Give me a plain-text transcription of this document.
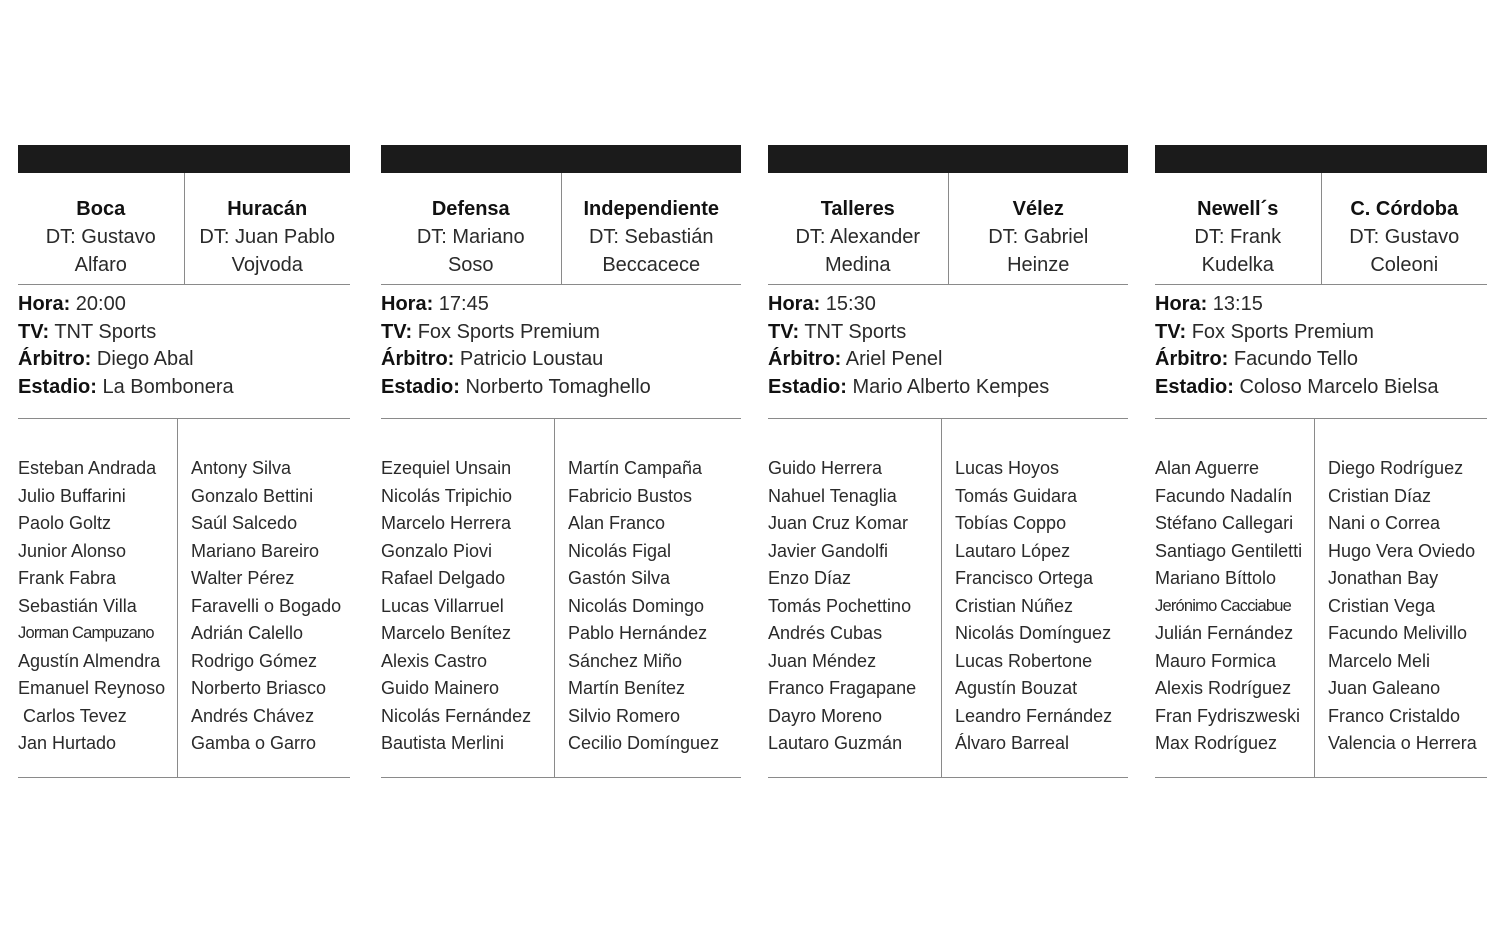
Boca
DT: Gustavo
Alfaro
Huracán
DT: Juan Pablo
Vojvoda
Hora: 20:00
TV: TNT Sports
Árbitro: Diego Abal
Estadio: La Bombonera
Esteban Andrada
Julio Buffarini
Paolo Goltz
Junior Alonso
Frank Fabra
Sebastián Villa
Jorman Campuzano
Agustín Almendra
Emanuel Reynoso
Carlos Tevez
Jan Hurtado
Antony Silva
Gonzalo Bettini
Saúl Salcedo
Mariano Bareiro
Walter Pérez
Faravelli o Bogado
Adrián Calello
Rodrigo Gómez
Norberto Briasco
Andrés Chávez
Gamba o Garro
Defensa
DT: Mariano
Soso
Independiente
DT: Sebastián
Beccacece
Hora: 17:45
TV: Fox Sports Premium
Árbitro: Patricio Loustau
Estadio: Norberto Tomaghello
Ezequiel Unsain
Nicolás Tripichio
Marcelo Herrera
Gonzalo Piovi
Rafael Delgado
Lucas Villarruel
Marcelo Benítez
Alexis Castro
Guido Mainero
Nicolás Fernández
Bautista Merlini
Martín Campaña
Fabricio Bustos
Alan Franco
Nicolás Figal
Gastón Silva
Nicolás Domingo
Pablo Hernández
Sánchez Miño
Martín Benítez
Silvio Romero
Cecilio Domínguez
Talleres
DT: Alexander
Medina
Vélez
DT: Gabriel
Heinze
Hora: 15:30
TV: TNT Sports
Árbitro: Ariel Penel
Estadio: Mario Alberto Kempes
Guido Herrera
Nahuel Tenaglia
Juan Cruz Komar
Javier Gandolfi
Enzo Díaz
Tomás Pochettino
Andrés Cubas
Juan Méndez
Franco Fragapane
Dayro Moreno
Lautaro Guzmán
Lucas Hoyos
Tomás Guidara
Tobías Coppo
Lautaro López
Francisco Ortega
Cristian Núñez
Nicolás Domínguez
Lucas Robertone
Agustín Bouzat
Leandro Fernández
Álvaro Barreal
Newell´s
DT: Frank
Kudelka
C. Córdoba
DT: Gustavo
Coleoni
Hora: 13:15
TV: Fox Sports Premium
Árbitro: Facundo Tello
Estadio: Coloso Marcelo Bielsa
Alan Aguerre
Facundo Nadalín
Stéfano Callegari
Santiago Gentiletti
Mariano Bíttolo
Jerónimo Cacciabue
Julián Fernández
Mauro Formica
Alexis Rodríguez
Fran Fydriszweski
Max Rodríguez
Diego Rodríguez
Cristian Díaz
Nani o Correa
Hugo Vera Oviedo
Jonathan Bay
Cristian Vega
Facundo Melivillo
Marcelo Meli
Juan Galeano
Franco Cristaldo
Valencia o Herrera
